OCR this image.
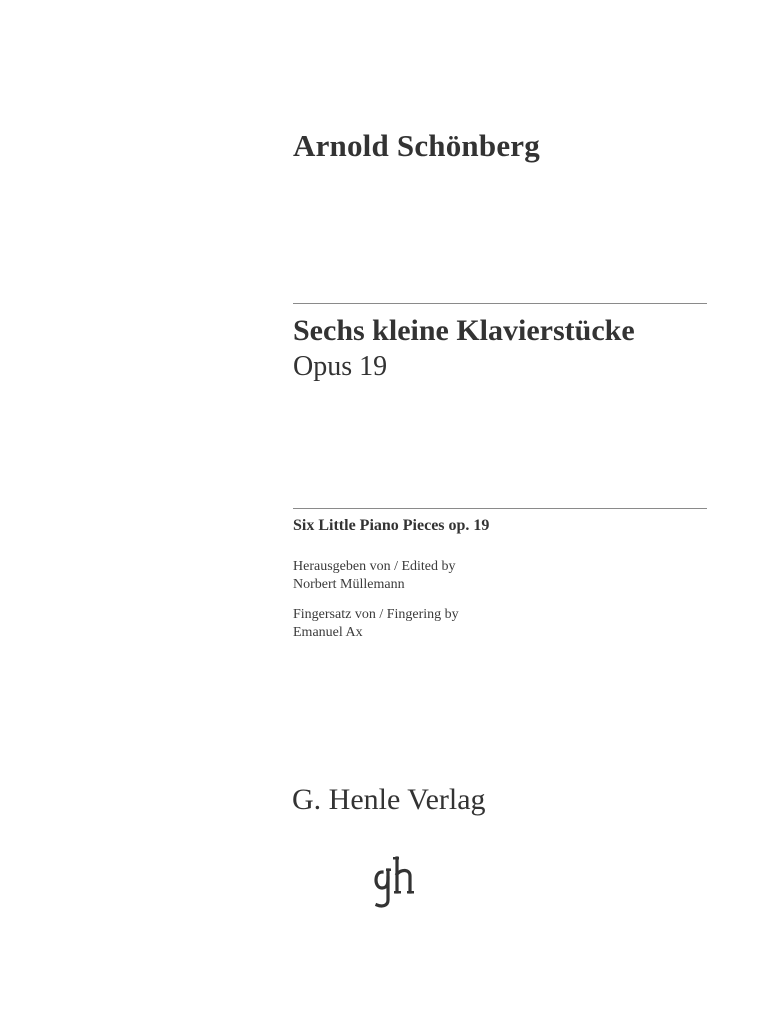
Arnold Schönberg
Sechs kleine Klavierstücke
Opus 19
Six Little Piano Pieces op. 19
Herausgeben von / Edited by
Norbert Müllemann
Fingersatz von / Fingering by
Emanuel Ax
G. Henle Verlag
